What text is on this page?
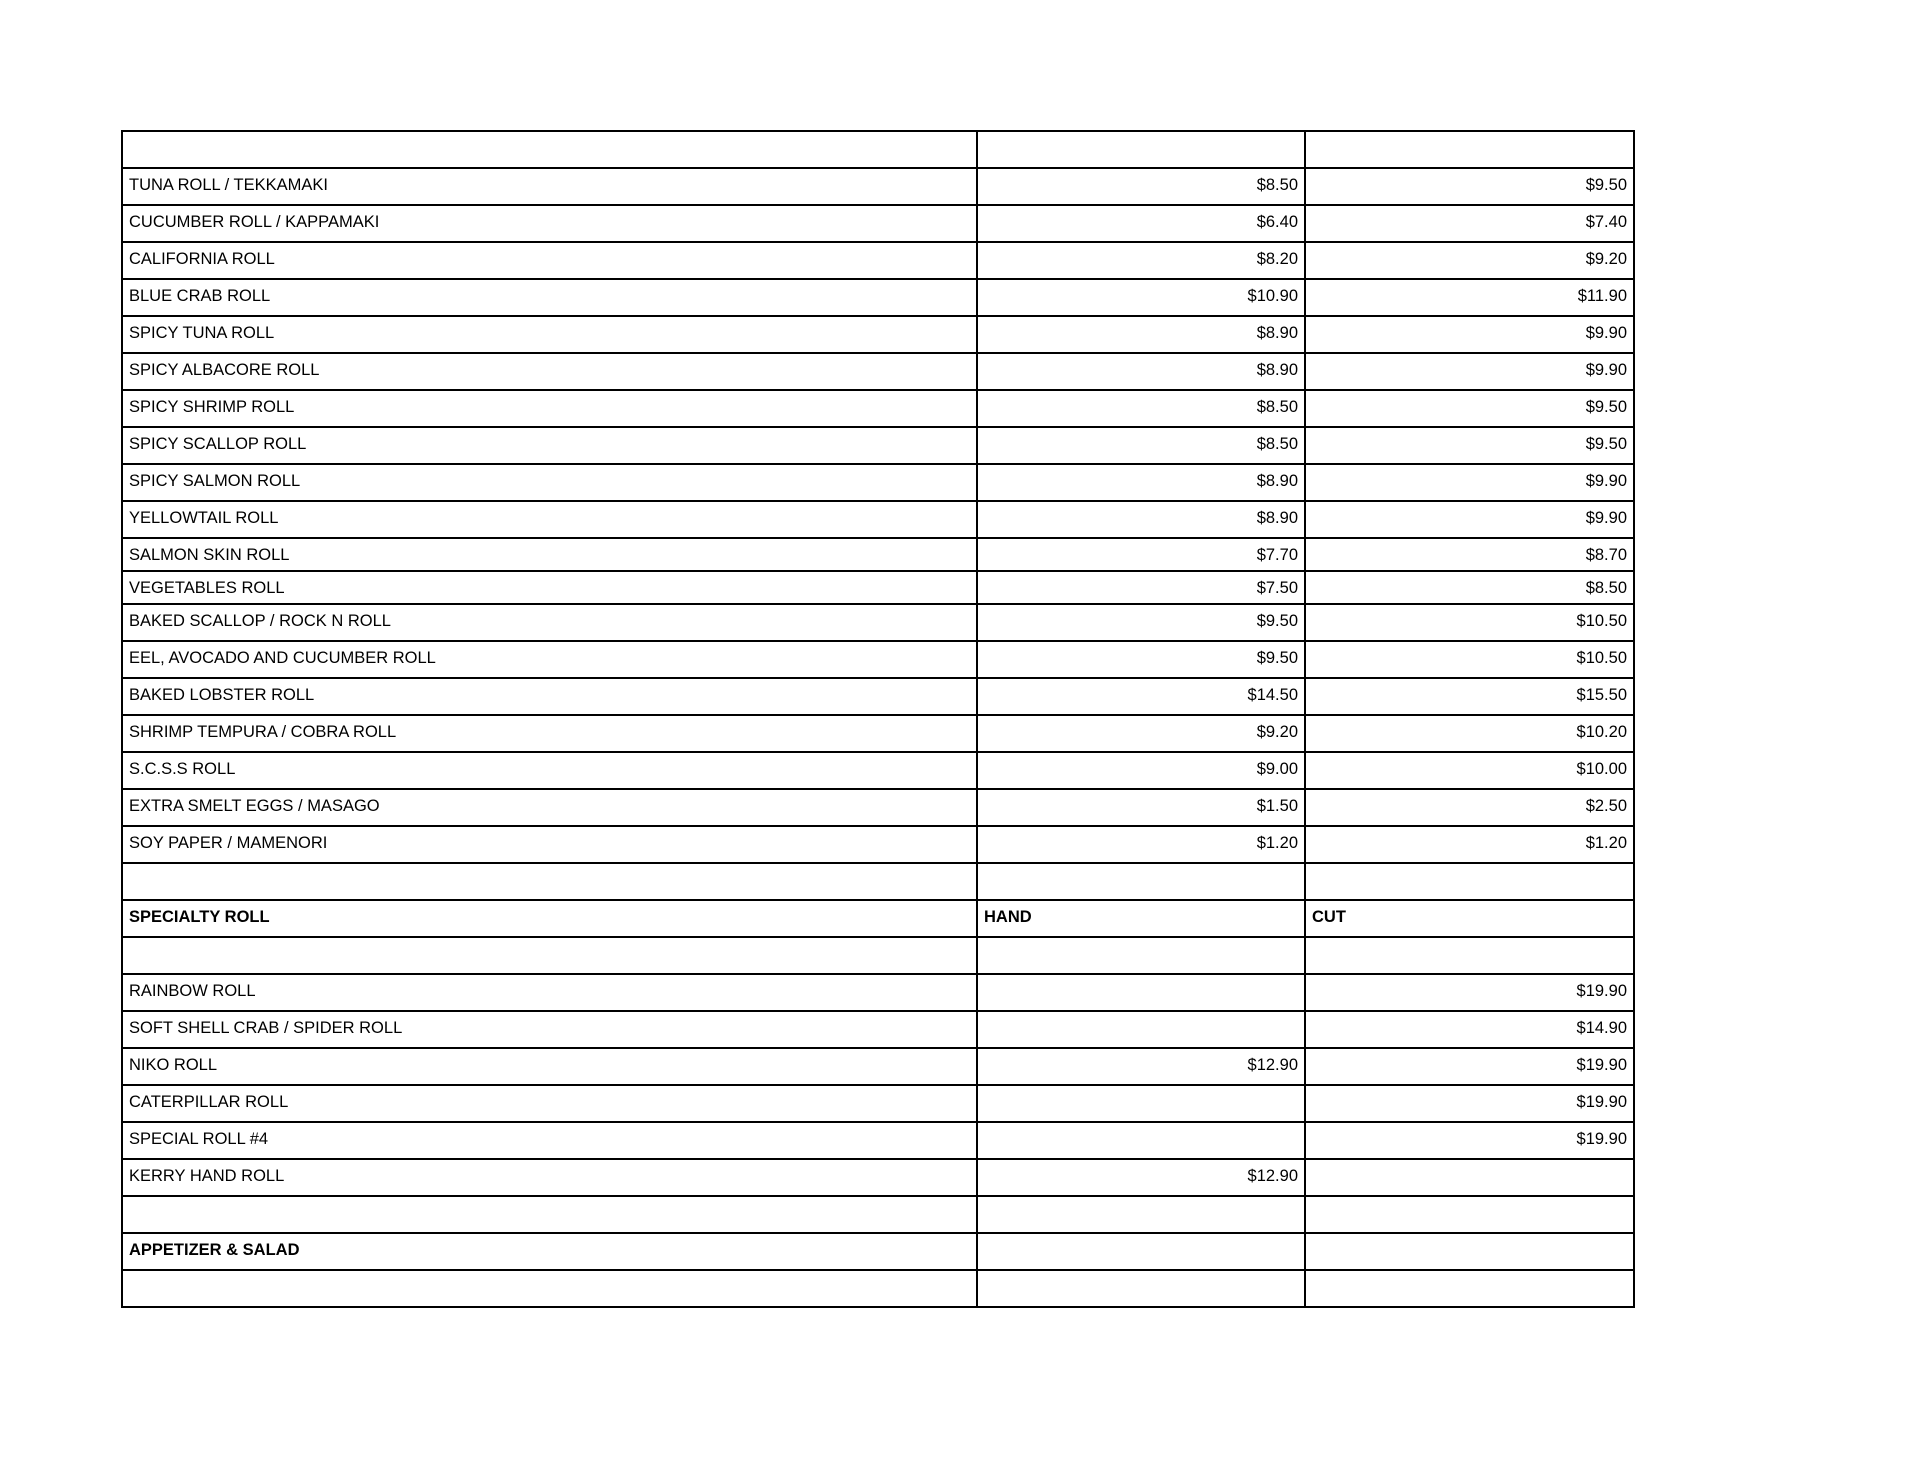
TUNA ROLL / TEKKAMAKI	$8.50	$9.50
CUCUMBER ROLL / KAPPAMAKI	$6.40	$7.40
CALIFORNIA ROLL	$8.20	$9.20
BLUE CRAB ROLL	$10.90	$11.90
SPICY TUNA ROLL	$8.90	$9.90
SPICY ALBACORE ROLL	$8.90	$9.90
SPICY SHRIMP ROLL	$8.50	$9.50
SPICY SCALLOP ROLL	$8.50	$9.50
SPICY SALMON ROLL	$8.90	$9.90
YELLOWTAIL ROLL	$8.90	$9.90
SALMON SKIN ROLL	$7.70	$8.70
VEGETABLES ROLL	$7.50	$8.50
BAKED SCALLOP / ROCK N ROLL	$9.50	$10.50
EEL, AVOCADO AND CUCUMBER ROLL	$9.50	$10.50
BAKED LOBSTER ROLL	$14.50	$15.50
SHRIMP TEMPURA / COBRA ROLL	$9.20	$10.20
S.C.S.S ROLL	$9.00	$10.00
EXTRA SMELT EGGS / MASAGO	$1.50	$2.50
SOY PAPER / MAMENORI	$1.20	$1.20

SPECIALTY ROLL	HAND	CUT

RAINBOW ROLL		$19.90
SOFT SHELL CRAB / SPIDER ROLL		$14.90
NIKO ROLL	$12.90	$19.90
CATERPILLAR ROLL		$19.90
SPECIAL ROLL #4		$19.90
KERRY HAND ROLL	$12.90	

APPETIZER & SALAD		
